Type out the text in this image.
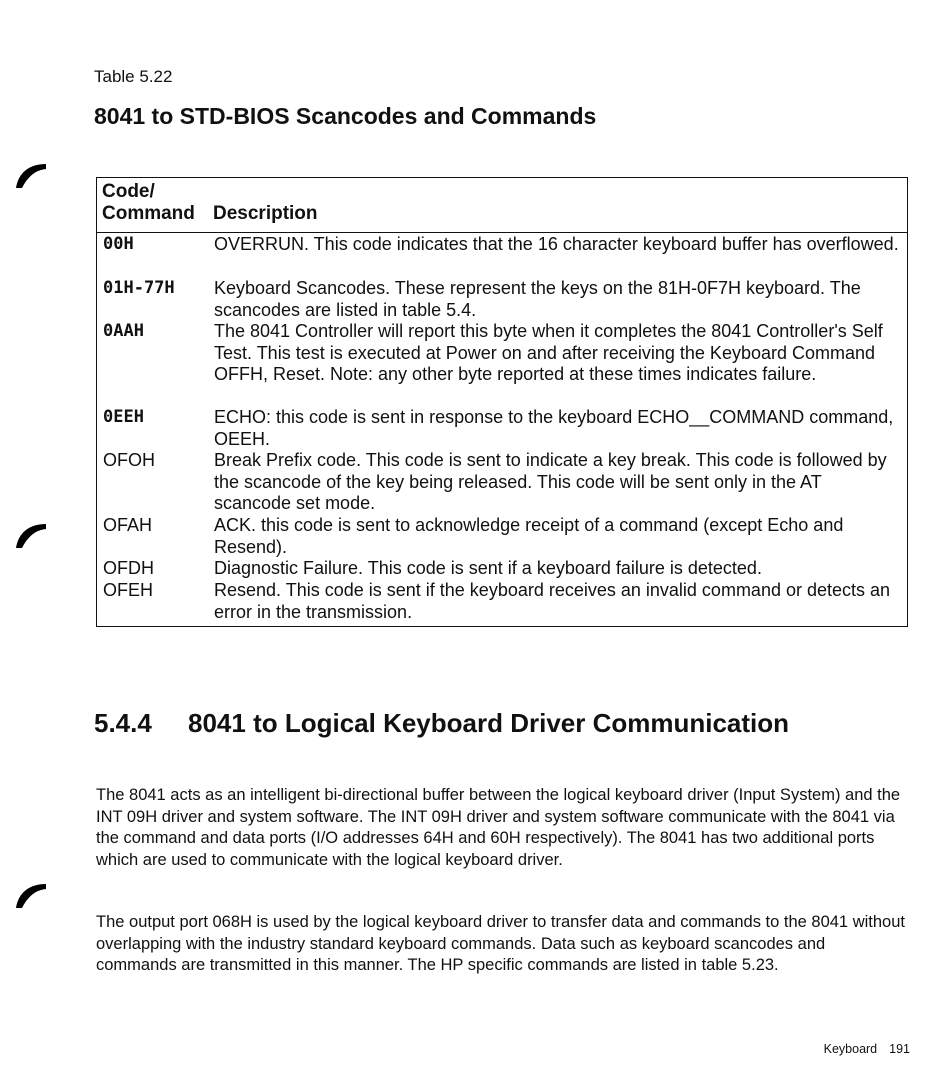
Table 5.22
8041 to STD-BIOS Scancodes and Commands
Code/
Command Description
00H	OVERRUN. This code indicates that the 16 character keyboard buffer has overflowed.
01H-77H Keyboard Scancodes. These represent the keys on the 81H-0F7H keyboard. The scancodes are listed in table 5.4.
0AAH	The 8041 Controller will report this byte when it completes the 8041 Controller's Self Test. This test is executed at Power on and after receiving the Keyboard Command OFFH, Reset. Note: any other byte reported at these times indicates failure.
0EEH	ECHO: this code is sent in response to the keyboard ECHO__COMMAND command, OEEH.
OFOH	Break Prefix code. This code is sent to indicate a key break. This code is followed by the scancode of the key being released. This code will be sent only in the AT scancode set mode.
OFAH	ACK. this code is sent to acknowledge receipt of a command (except Echo and Resend).
OFDH	Diagnostic Failure. This code is sent if a keyboard failure is detected.
OFEH	Resend. This code is sent if the keyboard receives an invalid command or detects an error in the transmission.
5.4.4 8041 to Logical Keyboard Driver Communication

The 8041 acts as an intelligent bi-directional buffer between the logical keyboard driver (Input System) and the INT 09H driver and system software. The INT 09H driver and system software communicate with the 8041 via the command and data ports (I/O addresses 64H and 60H respectively). The 8041 has two additional ports which are used to communicate with the logical keyboard driver.

The output port 068H is used by the logical keyboard driver to transfer data and commands to the 8041 without overlapping with the industry standard keyboard commands. Data such as keyboard scancodes and commands are transmitted in this manner. The HP specific commands are listed in table 5.23.

Keyboard 191
